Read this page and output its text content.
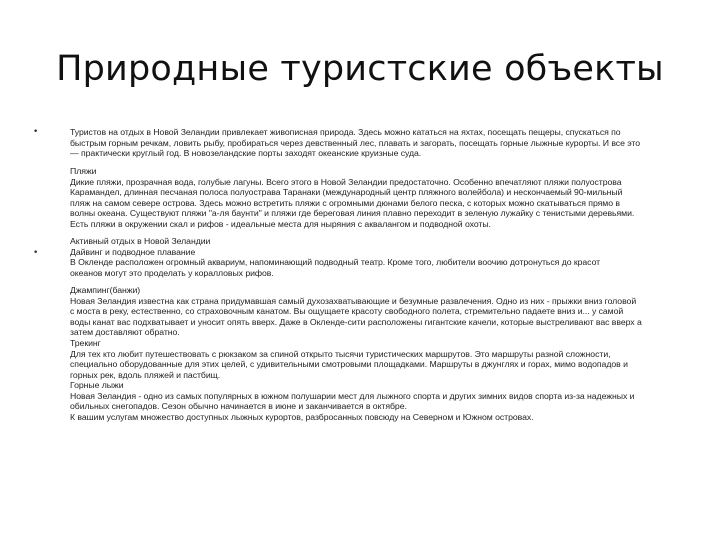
Природные туристские объекты
•
•
Туристов на отдых в Новой Зеландии привлекает живописная природа. Здесь можно кататься на яхтах, посещать пещеры, спускаться по
быстрым горным речкам, ловить рыбу, пробираться через девственный лес, плавать и загорать, посещать горные лыжные курорты. И все это
— практически круглый год. В новозеландские порты заходят океанские круизные суда.
Пляжи
Дикие пляжи, прозрачная вода, голубые лагуны. Всего этого в Новой Зеландии предостаточно. Особенно впечатляют пляжи полуострова
Карамандел, длинная песчаная полоса полуострава Таранаки (международный центр пляжного волейбола) и нескончаемый 90-мильный
пляж на самом севере острова. Здесь можно встретить пляжи с огромными дюнами белого песка, с которых можно скатываться прямо в
волны океана. Существуют пляжи "а-ля баунти" и пляжи где береговая линия плавно переходит в зеленую лужайку с тенистыми деревьями.
Есть пляжи в окружении скал и рифов - идеальные места для ныряния с аквалангом и подводной охоты.
Активный отдых в Новой Зеландии
Дайвинг и подводное плавание
В Окленде расположен огромный аквариум, напоминающий подводный театр. Кроме того, любители воочию дотронуться до красот
океанов могут это проделать у коралловых рифов.
Джампинг(банжи)
Новая Зеландия известна как страна придумавшая самый духозахватывающие и безумные развлечения. Одно из них - прыжки вниз головой
с моста в реку, естественно, со страховочным канатом. Вы ощущаете красоту свободного полета, стремительно падаете вниз и... у самой
воды канат вас подхватывает и уносит опять вверх. Даже в Окленде-сити расположены гигантские качели, которые выстреливают вас вверх а
затем доставляют обратно.
Трекинг
Для тех кто любит путешествовать с рюкзаком за спиной открыто тысячи туристических маршрутов. Это маршруты разной сложности,
специально оборудованные для этих целей, с удивительными смотровыми площадками. Маршруты в джунглях и горах, мимо водопадов и
горных рек, вдоль пляжей и пастбищ.
Горные лыжи
Новая Зеландия - одно из самых популярных в южном полушарии мест для лыжного спорта и других зимних видов спорта из-за надежных и
обильных снегопадов. Сезон обычно начинается в июне и заканчивается в октябре.
К вашим услугам множество доступных лыжных курортов, разбросанных повсюду на Северном и Южном островах.
